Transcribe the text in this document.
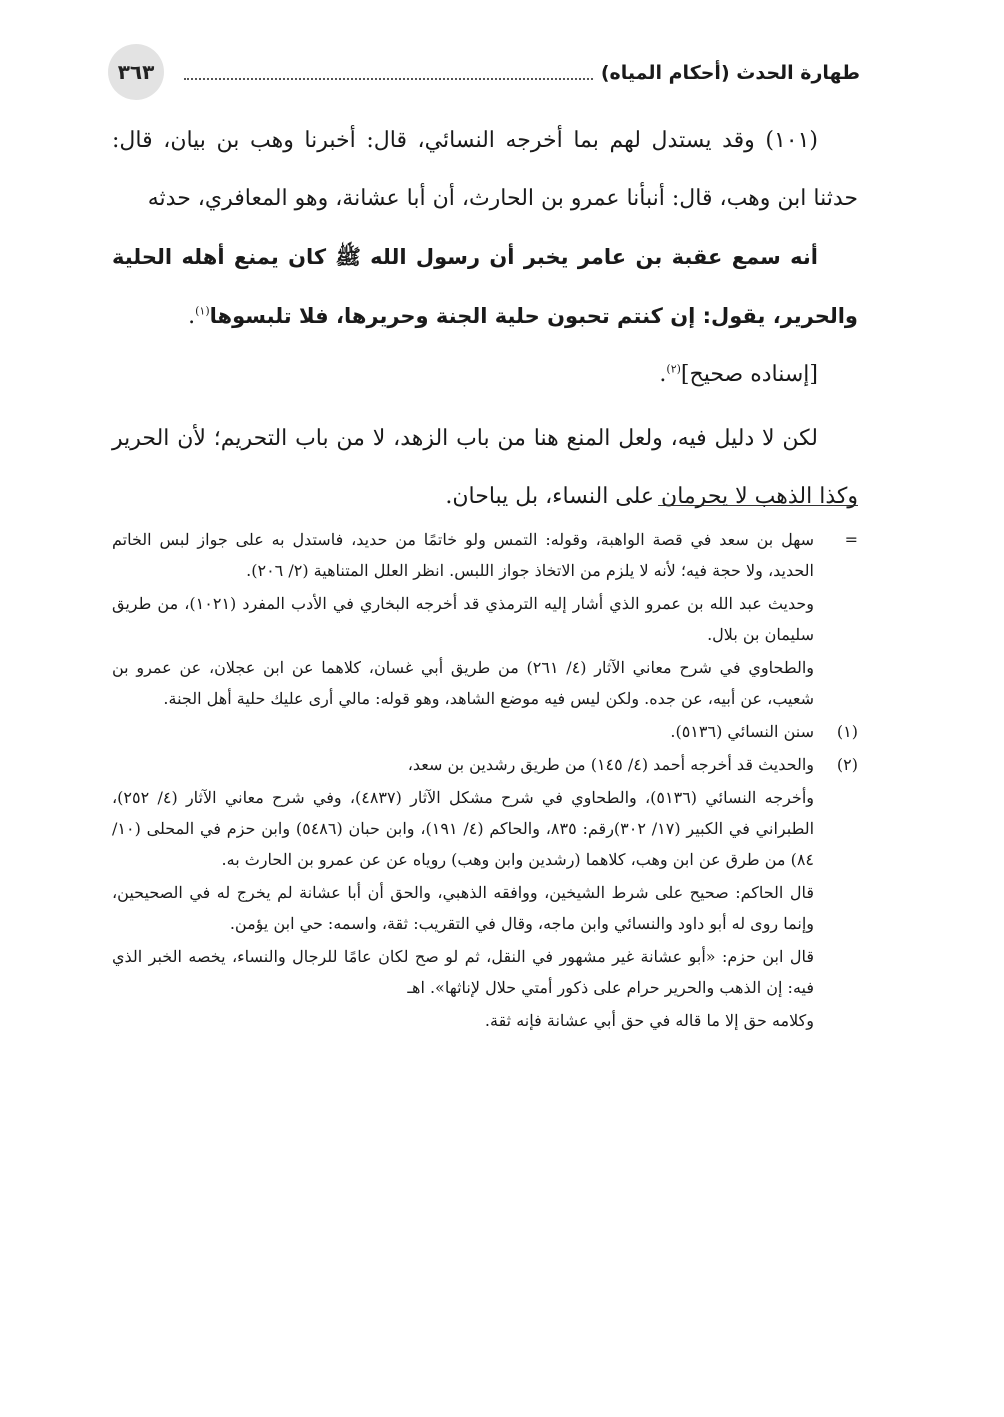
٣٦٣	طهارة الحدث (أحكام المياه)

(١٠١) وقد يستدل لهم بما أخرجه النسائي، قال: أخبرنا وهب بن بيان، قال: حدثنا ابن وهب، قال: أنبأنا عمرو بن الحارث، أن أبا عشانة، وهو المعافري، حدثه

أنه سمع عقبة بن عامر يخبر أن رسول الله ﷺ كان يمنع أهله الحلية والحرير، يقول: إن كنتم تحبون حلية الجنة وحريرها، فلا تلبسوها$^{(١)}$.

[إسناده صحيح]$^{(٢)}$.

لكن لا دليل فيه، ولعل المنع هنا من باب الزهد، لا من باب التحريم؛ لأن الحرير وكذا الذهب لا يحرمان على النساء، بل يباحان.

=
سهل بن سعد في قصة الواهبة، وقوله: التمس ولو خاتمًا من حديد، فاستدل به على جواز لبس الخاتم الحديد، ولا حجة فيه؛ لأنه لا يلزم من الاتخاذ جواز اللبس. انظر العلل المتناهية (٢/ ٢٠٦).

وحديث عبد الله بن عمرو الذي أشار إليه الترمذي قد أخرجه البخاري في الأدب المفرد (١٠٢١)، من طريق سليمان بن بلال.

والطحاوي في شرح معاني الآثار (٤/ ٢٦١) من طريق أبي غسان، كلاهما عن ابن عجلان، عن عمرو بن شعيب، عن أبيه، عن جده. ولكن ليس فيه موضع الشاهد، وهو قوله: مالي أرى عليك حلية أهل الجنة.

(١)
سنن النسائي (٥١٣٦).

(٢)
والحديث قد أخرجه أحمد (٤/ ١٤٥) من طريق رشدين بن سعد،

وأخرجه النسائي (٥١٣٦)، والطحاوي في شرح مشكل الآثار (٤٨٣٧)، وفي شرح معاني الآثار (٤/ ٢٥٢)، الطبراني في الكبير (١٧/ ٣٠٢)رقم: ٨٣٥، والحاكم (٤/ ١٩١)، وابن حبان (٥٤٨٦) وابن حزم في المحلى (١٠/ ٨٤) من طرق عن ابن وهب، كلاهما (رشدين وابن وهب) روياه عن عن عمرو بن الحارث به.

قال الحاكم: صحيح على شرط الشيخين، ووافقه الذهبي، والحق أن أبا عشانة لم يخرج له في الصحيحين، وإنما روى له أبو داود والنسائي وابن ماجه، وقال في التقريب: ثقة، واسمه: حي ابن يؤمن.

قال ابن حزم: «أبو عشانة غير مشهور في النقل، ثم لو صح لكان عامًا للرجال والنساء، يخصه الخبر الذي فيه: إن الذهب والحرير حرام على ذكور أمتي حلال لإناثها». اهـ

وكلامه حق إلا ما قاله في حق أبي عشانة فإنه ثقة.
